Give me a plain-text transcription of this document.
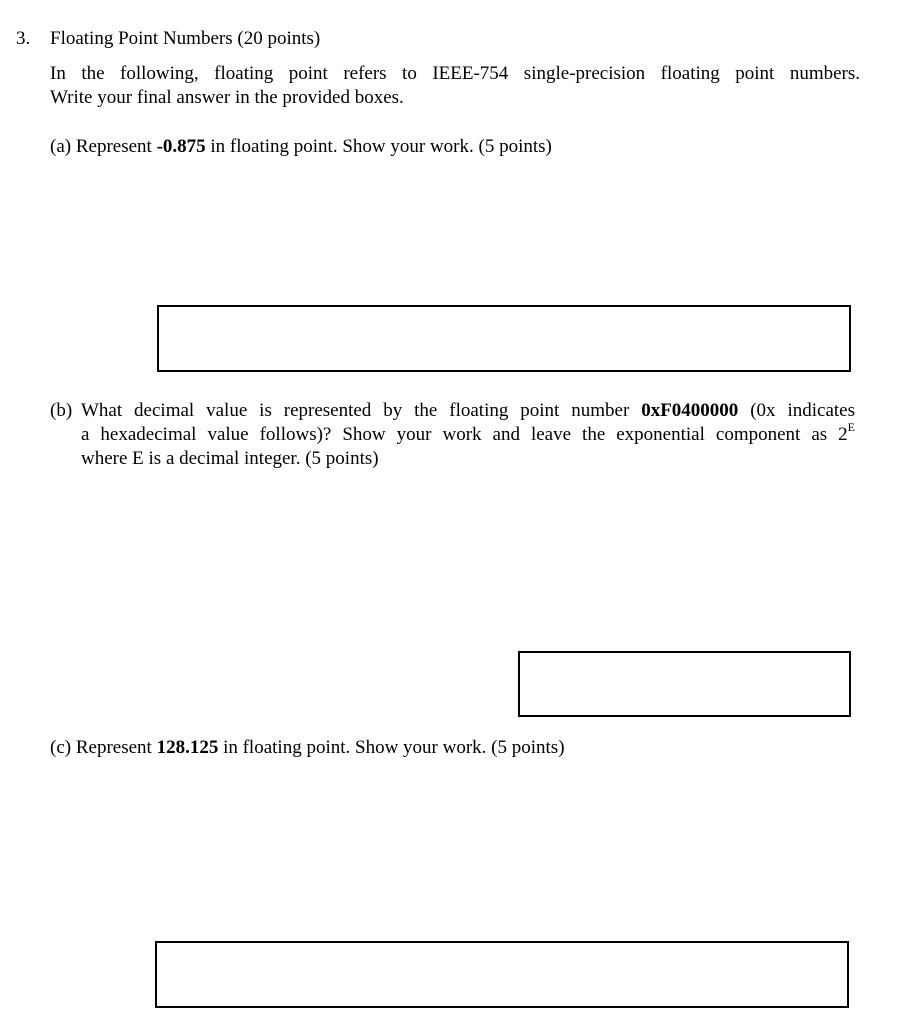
3. Floating Point Numbers (20 points)
In the following, floating point refers to IEEE-754 single-precision floating point numbers.
Write your final answer in the provided boxes.
(a) Represent -0.875 in floating point. Show your work. (5 points)
(b) What decimal value is represented by the floating point number 0xF0400000 (0x indicates
a hexadecimal value follows)? Show your work and leave the exponential component as $2^E$
where E is a decimal integer. (5 points)
(c) Represent 128.125 in floating point. Show your work. (5 points)
